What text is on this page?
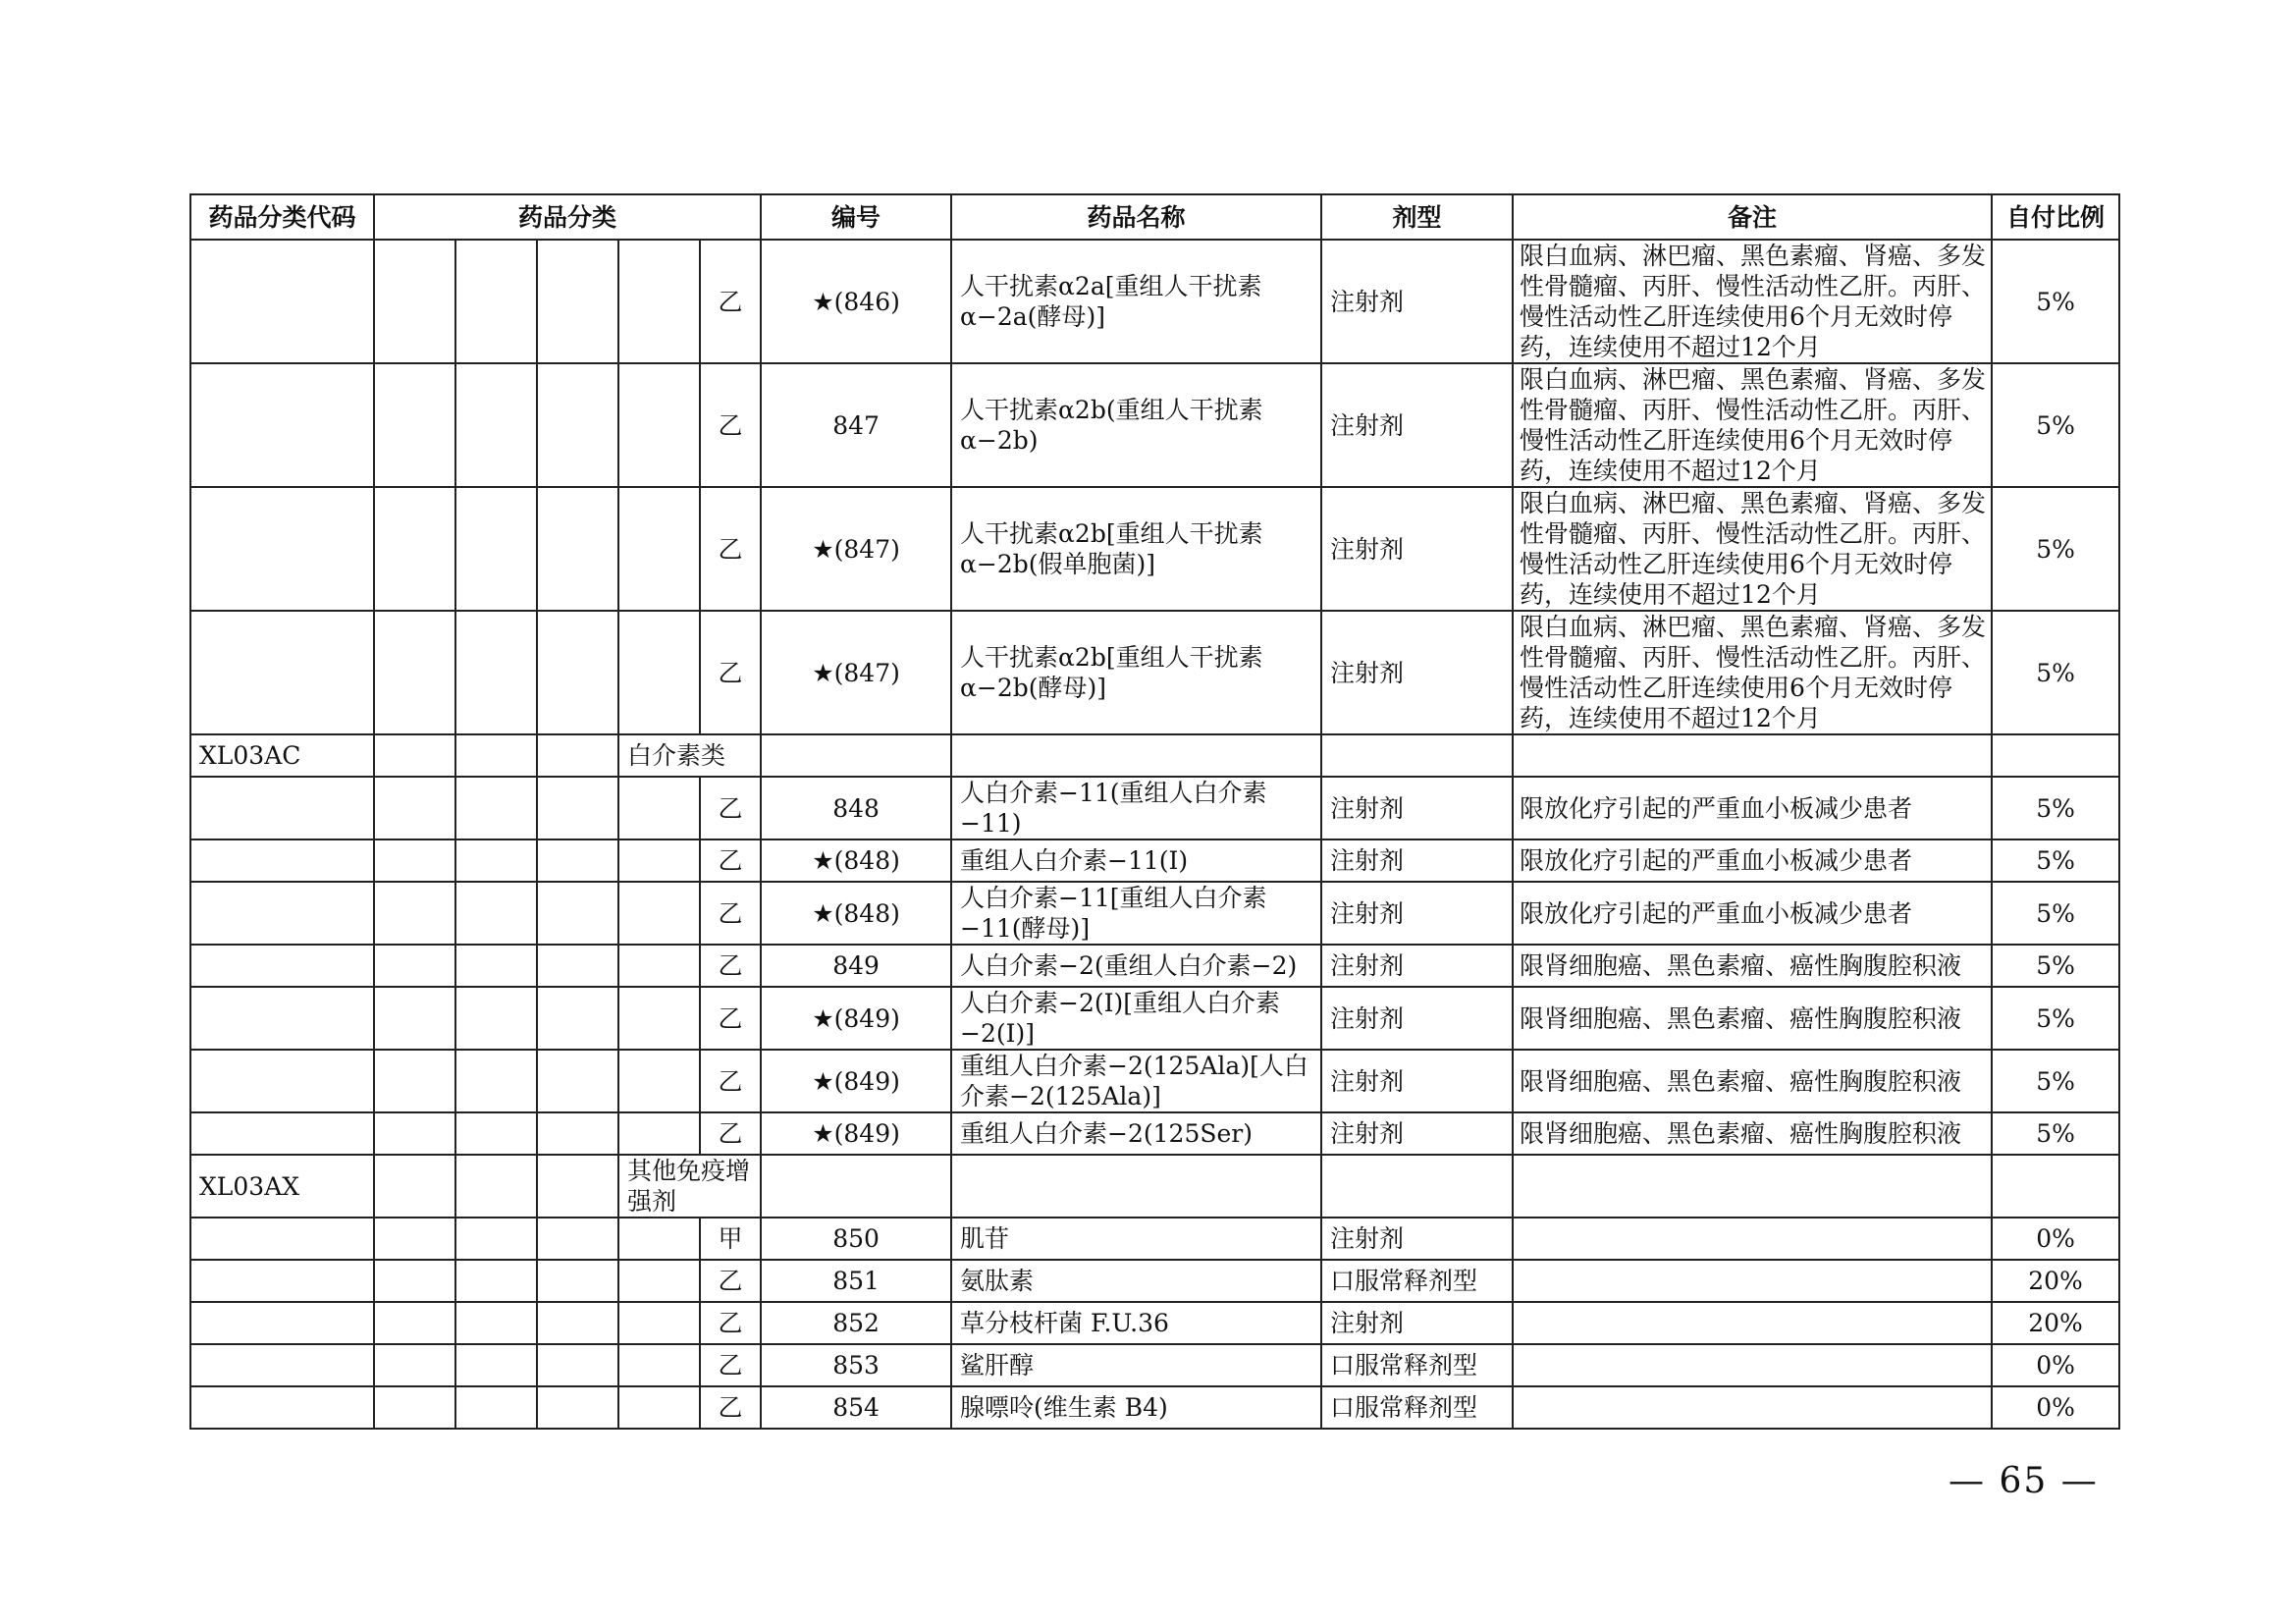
药品分类代码	药品分类					编号	药品名称	剂型	备注	自付比例
					乙	★(846)	人干扰素α2a[重组人干扰素α−2a(酵母)]	注射剂	限白血病、淋巴瘤、黑色素瘤、肾癌、多发性骨髓瘤、丙肝、慢性活动性乙肝。丙肝、慢性活动性乙肝连续使用6个月无效时停药，连续使用不超过12个月	5%
					乙	847	人干扰素α2b(重组人干扰素α−2b)	注射剂	限白血病、淋巴瘤、黑色素瘤、肾癌、多发性骨髓瘤、丙肝、慢性活动性乙肝。丙肝、慢性活动性乙肝连续使用6个月无效时停药，连续使用不超过12个月	5%
					乙	★(847)	人干扰素α2b[重组人干扰素α−2b(假单胞菌)]	注射剂	限白血病、淋巴瘤、黑色素瘤、肾癌、多发性骨髓瘤、丙肝、慢性活动性乙肝。丙肝、慢性活动性乙肝连续使用6个月无效时停药，连续使用不超过12个月	5%
					乙	★(847)	人干扰素α2b[重组人干扰素α−2b(酵母)]	注射剂	限白血病、淋巴瘤、黑色素瘤、肾癌、多发性骨髓瘤、丙肝、慢性活动性乙肝。丙肝、慢性活动性乙肝连续使用6个月无效时停药，连续使用不超过12个月	5%
XL03AC				白介素类						
					乙	848	人白介素−11(重组人白介素−11)	注射剂	限放化疗引起的严重血小板减少患者	5%
					乙	★(848)	重组人白介素−11(Ⅰ)	注射剂	限放化疗引起的严重血小板减少患者	5%
					乙	★(848)	人白介素−11[重组人白介素−11(酵母)]	注射剂	限放化疗引起的严重血小板减少患者	5%
					乙	849	人白介素−2(重组人白介素−2)	注射剂	限肾细胞癌、黑色素瘤、癌性胸腹腔积液	5%
					乙	★(849)	人白介素−2(I)[重组人白介素−2(Ⅰ)]	注射剂	限肾细胞癌、黑色素瘤、癌性胸腹腔积液	5%
					乙	★(849)	重组人白介素−2(125Ala)[人白介素−2(125Ala)]	注射剂	限肾细胞癌、黑色素瘤、癌性胸腹腔积液	5%
					乙	★(849)	重组人白介素−2(125Ser)	注射剂	限肾细胞癌、黑色素瘤、癌性胸腹腔积液	5%
XL03AX				其他免疫增强剂						
					甲	850	肌苷	注射剂		0%
					乙	851	氨肽素	口服常释剂型		20%
					乙	852	草分枝杆菌 F.U.36	注射剂		20%
					乙	853	鲨肝醇	口服常释剂型		0%
					乙	854	腺嘌呤(维生素 B4)	口服常释剂型		0%
— 65 —
